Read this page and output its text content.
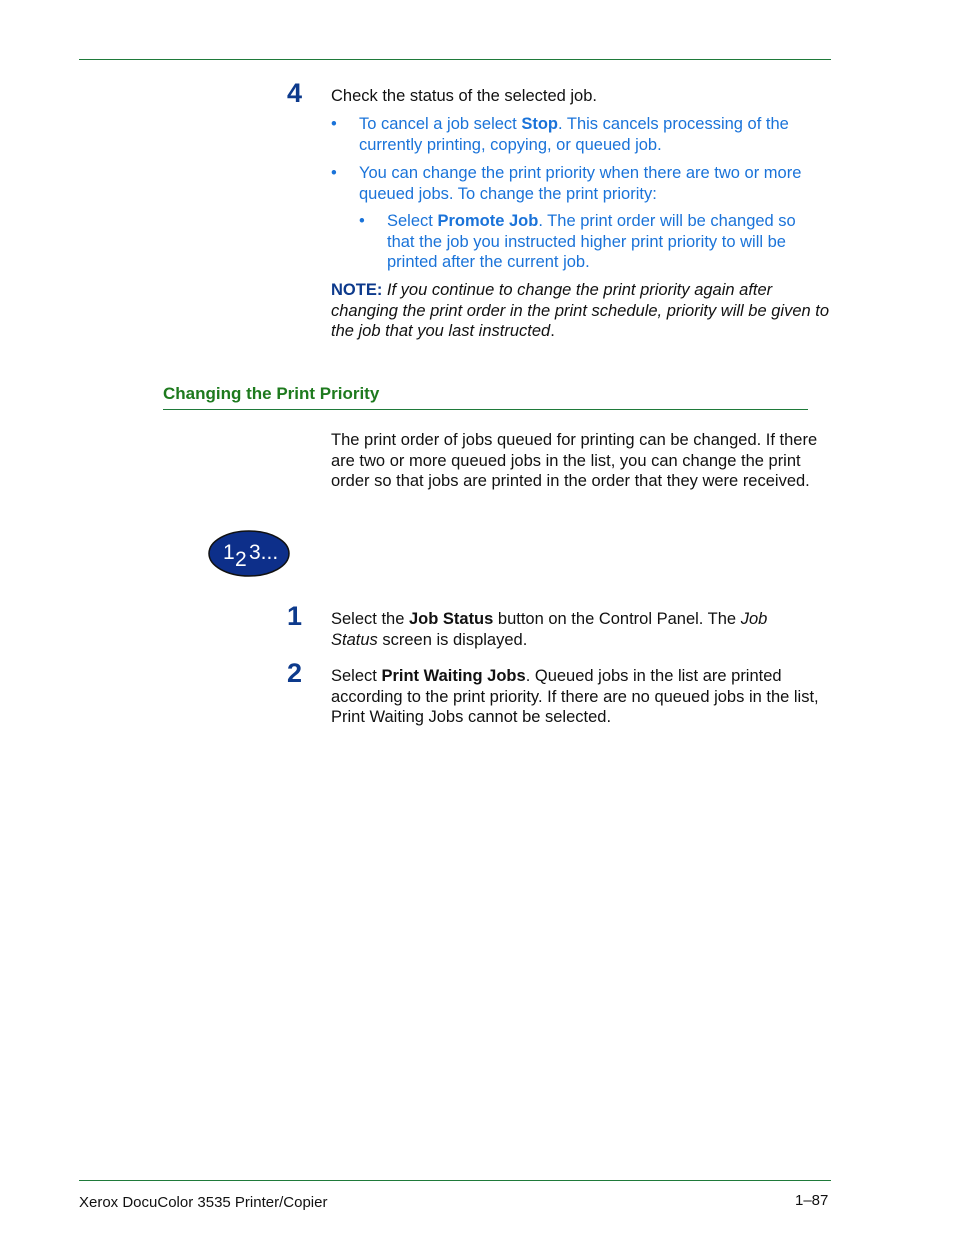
4 Check the status of the selected job.
• To cancel a job select Stop. This cancels processing of the currently printing, copying, or queued job.
• You can change the print priority when there are two or more queued jobs. To change the print priority:
• Select Promote Job. The print order will be changed so that the job you instructed higher print priority to will be printed after the current job.
NOTE: If you continue to change the print priority again after changing the print order in the print schedule, priority will be given to the job that you last instructed.
Changing the Print Priority
The print order of jobs queued for printing can be changed. If there are two or more queued jobs in the list, you can change the print order so that jobs are printed in the order that they were received.
1 2 3...
1 Select the Job Status button on the Control Panel. The Job Status screen is displayed.
2 Select Print Waiting Jobs. Queued jobs in the list are printed according to the print priority. If there are no queued jobs in the list, Print Waiting Jobs cannot be selected.
Xerox DocuColor 3535 Printer/Copier	1–87
